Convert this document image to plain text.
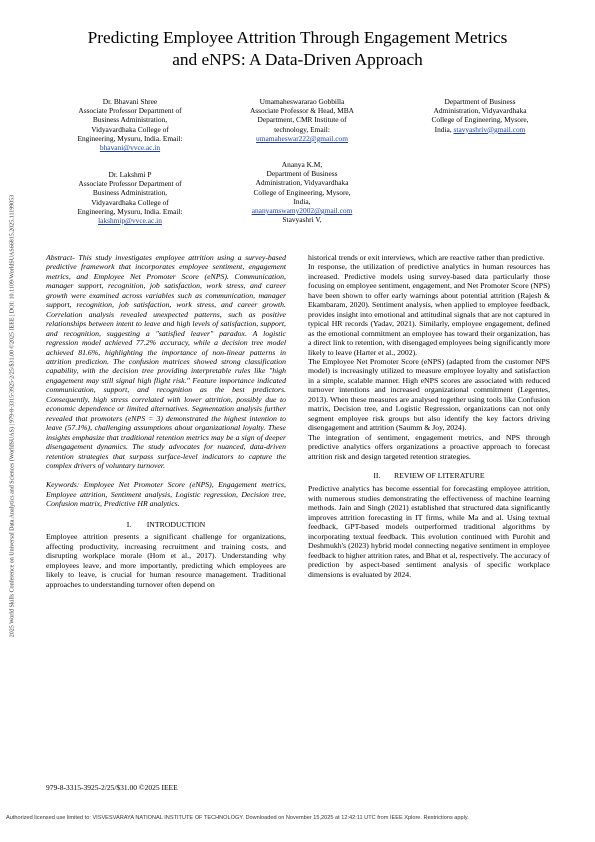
Predicting Employee Attrition Through Engagement Metrics
and eNPS: A Data-Driven Approach
Dr. Bhavani Shree
Associate Professor Department of
Business Administration,
Vidyavardhaka College of
Engineering, Mysuru, India. Email:
bhavani@vvce.ac.in
Umamaheswararao Gobbilla
Associate Professor & Head, MBA
Department, CMR Institute of
technology, Email:
umamaheswar222@gmail.com
Department of Business
Administration, Vidyavardhaka
College of Engineering, Mysore,
India, stavyashriv@gmail.com
Dr. Lakshmi P
Associate Professor Department of
Business Administration,
Vidyavardhaka College of
Engineering, Mysuru, India. Email:
lakshmip@vvce.ac.in
Ananya K.M,
Department of Business
Administration, Vidyavardhaka
College of Engineering, Mysore,
India,
ananyamswamy2002@gmail.com
Stavyashri V,

Abstract- This study investigates employee attrition using a survey-based predictive framework that incorporates employee sentiment, engagement metrics, and Employee Net Promoter Score (eNPS). Communication, manager support, recognition, job satisfaction, work stress, and career growth were examined across variables such as communication, manager support, recognition, job satisfaction, work stress, and career growth. Correlation analysis revealed unexpected patterns, such as positive relationships between intent to leave and high levels of satisfaction, support, and recognition, suggesting a "satisfied leaver" paradox. A logistic regression model achieved 77.2% accuracy, while a decision tree model achieved 81.6%, highlighting the importance of non-linear patterns in attrition prediction. The confusion matrices showed strong classification capability, with the decision tree providing interpretable rules like "high engagement may still signal high flight risk." Feature importance indicated communication, support, and recognition as the best predictors. Consequently, high stress correlated with lower attrition, possibly due to economic dependence or limited alternatives. Segmentation analysis further revealed that promoters (eNPS = 3) demonstrated the highest intention to leave (57.1%), challenging assumptions about organizational loyalty. These insights emphasize that traditional retention metrics may be a sign of deeper disengagement dynamics. The study advocates for nuanced, data-driven retention strategies that surpass surface-level indicators to capture the complex drivers of voluntary turnover.

Keywords: Employee Net Promoter Score (eNPS), Engagement metrics, Employee attrition, Sentiment analysis, Logistic regression, Decision tree, Confusion matrix, Predictive HR analytics.

I.        INTRODUCTION

Employee attrition presents a significant challenge for organizations, affecting productivity, increasing recruitment and training costs, and disrupting workplace morale (Hom et al., 2017). Understanding why employees leave, and more importantly, predicting which employees are likely to leave, is crucial for human resource management. Traditional approaches to understanding turnover often depend on

historical trends or exit interviews, which are reactive rather than predictive.

In response, the utilization of predictive analytics in human resources has increased. Predictive models using survey-based data particularly those focusing on employee sentiment, engagement, and Net Promoter Score (NPS) have been shown to offer early warnings about potential attrition (Rajesh & Ekambaram, 2020). Sentiment analysis, when applied to employee feedback, provides insight into emotional and attitudinal signals that are not captured in typical HR records (Yadav, 2021). Similarly, employee engagement, defined as the emotional commitment an employee has toward their organization, has a direct link to retention, with disengaged employees being significantly more likely to leave (Harter et al., 2002).

The Employee Net Promoter Score (eNPS) (adapted from the customer NPS model) is increasingly utilized to measure employee loyalty and satisfaction in a simple, scalable manner. High eNPS scores are associated with reduced turnover intentions and increased organizational commitment (Legentes, 2013). When these measures are analysed together using tools like Confusion matrix, Decision tree, and Logistic Regression, organizations can not only segment employee risk groups but also identify the key factors driving disengagement and attrition (Saumm & Joy, 2024).

The integration of sentiment, engagement metrics, and NPS through predictive analytics offers organizations a proactive approach to forecast attrition risk and design targeted retention strategies.

II.       REVIEW OF LITERATURE

Predictive analytics has become essential for forecasting employee attrition, with numerous studies demonstrating the effectiveness of machine learning methods. Jain and Singh (2021) established that structured data significantly improves attrition forecasting in IT firms, while Ma and al. Using textual feedback, GPT-based models outperformed traditional algorithms by incorporating textual feedback. This evolution continued with Purohit and Deshmukh's (2023) hybrid model connecting negative sentiment in employee feedback to higher attrition rates, and Bhat et al, respectively. The accuracy of prediction by aspect-based sentiment analysis of specific workplace dimensions is evaluated by 2024.

2025 World Skills Conference on Universal Data Analytics and Sciences (WorldSUAS) | 979-8-3315-3925-2/25/$31.00 ©2025 IEEE | DOI: 10.1109/WorldSUAS66815.2025.11199053
979-8-3315-3925-2/25/$31.00 ©2025 IEEE
Authorized licensed use limited to: VISVESVARAYA NATIONAL INSTITUTE OF TECHNOLOGY. Downloaded on November 15,2025 at 12:42:11 UTC from IEEE Xplore. Restrictions apply.
